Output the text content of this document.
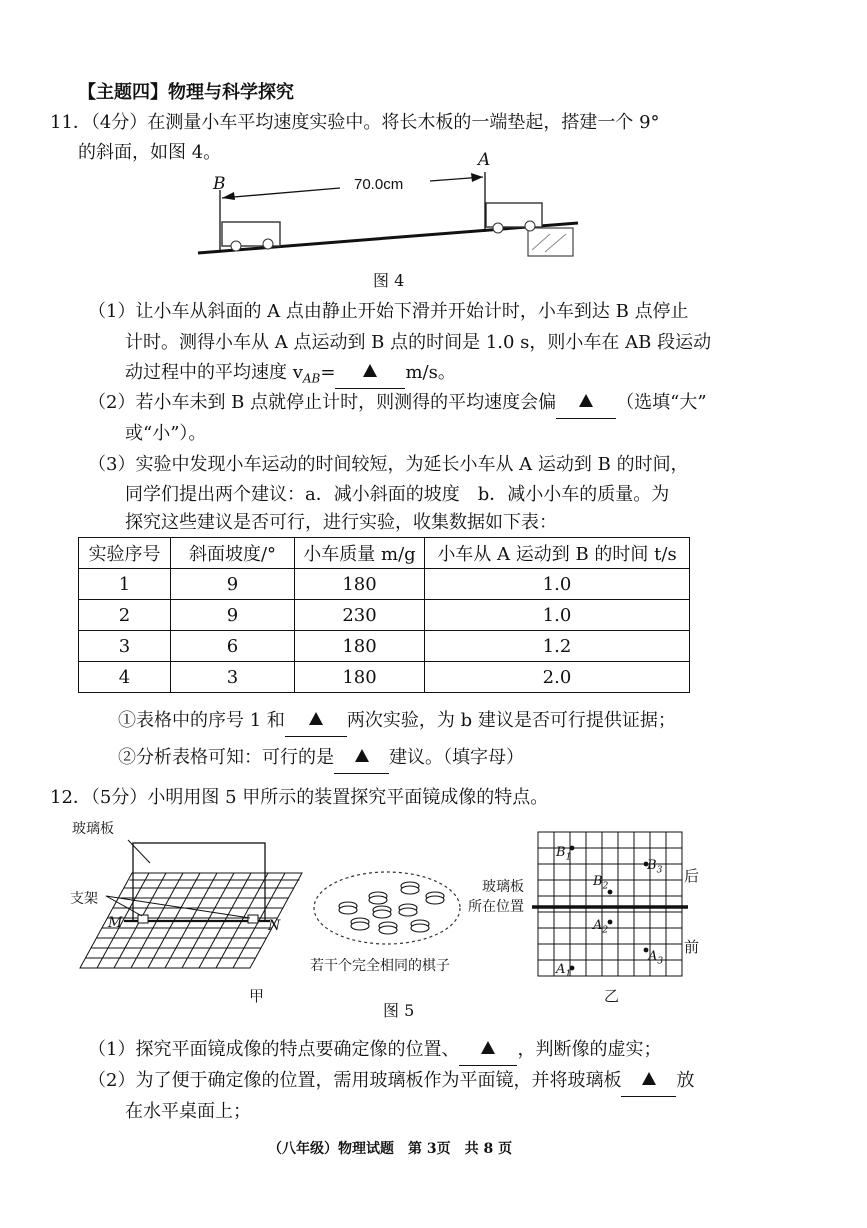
【主题四】物理与科学探究
11．（4分）在测量小车平均速度实验中。将长木板的一端垫起，搭建一个 9°
的斜面，如图 4。
B
A
70.0cm
图 4
（1）让小车从斜面的 A 点由静止开始下滑并开始计时，小车到达 B 点停止
计时。测得小车从 A 点运动到 B 点的时间是 1.0 s，则小车在 AB 段运动
动过程中的平均速度 $v_{AB}=$	m/s。
（2）若小车未到 B 点就停止计时，则测得的平均速度会偏	（选填“大”
或“小”）。
（3）实验中发现小车运动的时间较短，为延长小车从 A 运动到 B 的时间，
同学们提出两个建议：a．减小斜面的坡度　b．减小小车的质量。为
探究这些建议是否可行，进行实验，收集数据如下表：
实验序号	斜面坡度/°	小车质量 m/g	小车从 A 运动到 B 的时间 t/s
1	9	180	1.0
2	9	230	1.0
3	6	180	1.2
4	3	180	2.0
①表格中的序号 1 和	两次实验，为 b 建议是否可行提供证据；
②分析表格可知：可行的是	建议。（填字母）
12．（5分）小明用图 5 甲所示的装置探究平面镜成像的特点。
玻璃板
支架
M	N
甲
若干个完全相同的棋子
$B_1$
$B_2$
$B_3$
$A_1$
$A_2$
$A_3$
玻璃板
所在位置
后
前
乙
图 5
（1）探究平面镜成像的特点要确定像的位置、	，判断像的虚实；
（2）为了便于确定像的位置，需用玻璃板作为平面镜，并将玻璃板	放
在水平桌面上；
（八年级）物理试题　第 3页　共 8 页
